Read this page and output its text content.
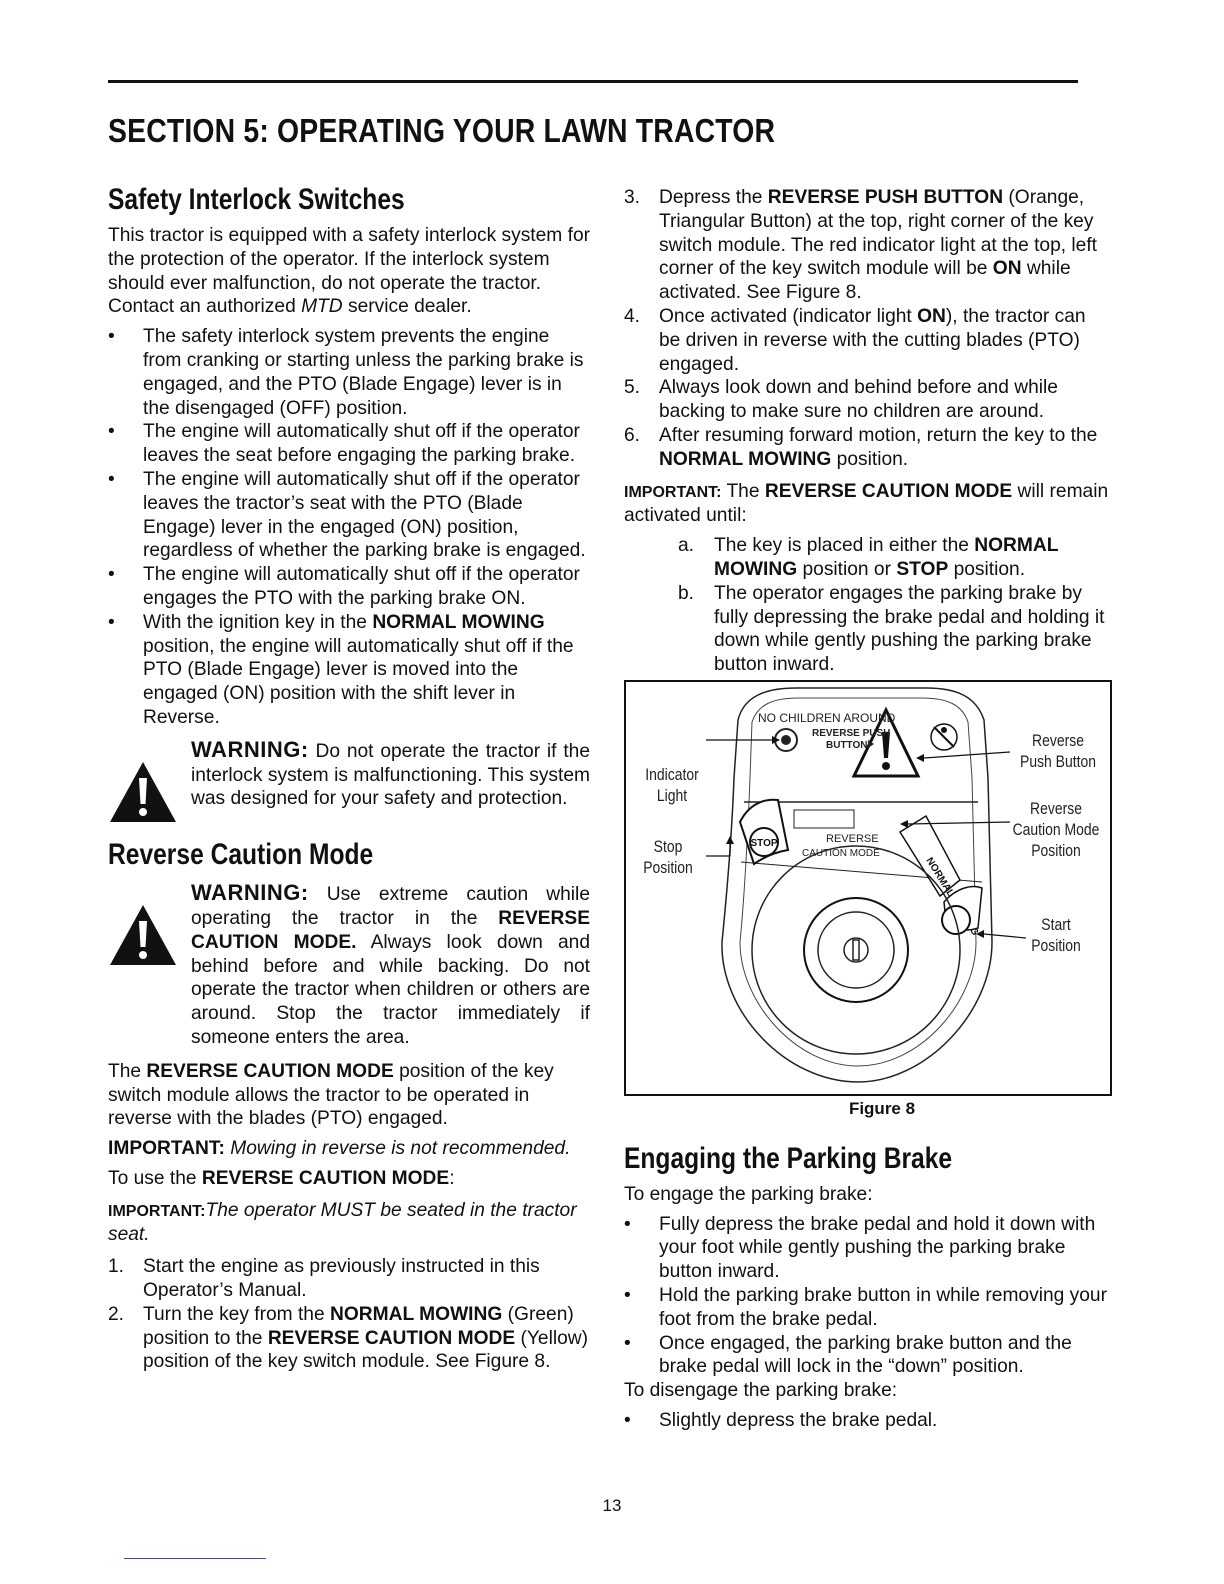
SECTION 5: OPERATING YOUR LAWN TRACTOR
Safety Interlock Switches

This tractor is equipped with a safety interlock system for the protection of the operator. If the interlock system should ever malfunction, do not operate the tractor. Contact an authorized MTD service dealer.

• The safety interlock system prevents the engine from cranking or starting unless the parking brake is engaged, and the PTO (Blade Engage) lever is in the disengaged (OFF) position.
• The engine will automatically shut off if the operator leaves the seat before engaging the parking brake.
• The engine will automatically shut off if the operator leaves the tractor’s seat with the PTO (Blade Engage) lever in the engaged (ON) position, regardless of whether the parking brake is engaged.
• The engine will automatically shut off if the operator engages the PTO with the parking brake ON.
• With the ignition key in the NORMAL MOWING position, the engine will automatically shut off if the PTO (Blade Engage) lever is moved into the engaged (ON) position with the shift lever in Reverse.

WARNING: Do not operate the tractor if the interlock system is malfunctioning. This system was designed for your safety and protection.

Reverse Caution Mode

WARNING: Use extreme caution while operating the tractor in the REVERSE CAUTION MODE. Always look down and behind before and while backing. Do not operate the tractor when children or others are around. Stop the tractor immediately if someone enters the area.

The REVERSE CAUTION MODE position of the key switch module allows the tractor to be operated in reverse with the blades (PTO) engaged.

IMPORTANT: Mowing in reverse is not recommended.

To use the REVERSE CAUTION MODE:

IMPORTANT:The operator MUST be seated in the tractor seat.

1. Start the engine as previously instructed in this Operator’s Manual.
2. Turn the key from the NORMAL MOWING (Green) position to the REVERSE CAUTION MODE (Yellow) position of the key switch module. See Figure 8.
3. Depress the REVERSE PUSH BUTTON (Orange, Triangular Button) at the top, right corner of the key switch module. The red indicator light at the top, left corner of the key switch module will be ON while activated. See Figure 8.
4. Once activated (indicator light ON), the tractor can be driven in reverse with the cutting blades (PTO) engaged.
5. Always look down and behind before and while backing to make sure no children are around.
6. After resuming forward motion, return the key to the NORMAL MOWING position.

IMPORTANT: The REVERSE CAUTION MODE will remain activated until:

a. The key is placed in either the NORMAL MOWING position or STOP position.
b. The operator engages the parking brake by fully depressing the brake pedal and holding it down while gently pushing the parking brake button inward.
NO CHILDREN AROUND
REVERSE PUSH
BUTTON
STOP	REVERSE
CAUTION MODE
NORMAL
Indicator
Light
Stop
Position
Reverse
Push Button
Reverse
Caution Mode
Position
Start
Position
Figure 8
Engaging the Parking Brake

To engage the parking brake:

• Fully depress the brake pedal and hold it down with your foot while gently pushing the parking brake button inward.
• Hold the parking brake button in while removing your foot from the brake pedal.
• Once engaged, the parking brake button and the brake pedal will lock in the “down” position.

To disengage the parking brake:

• Slightly depress the brake pedal.
13
